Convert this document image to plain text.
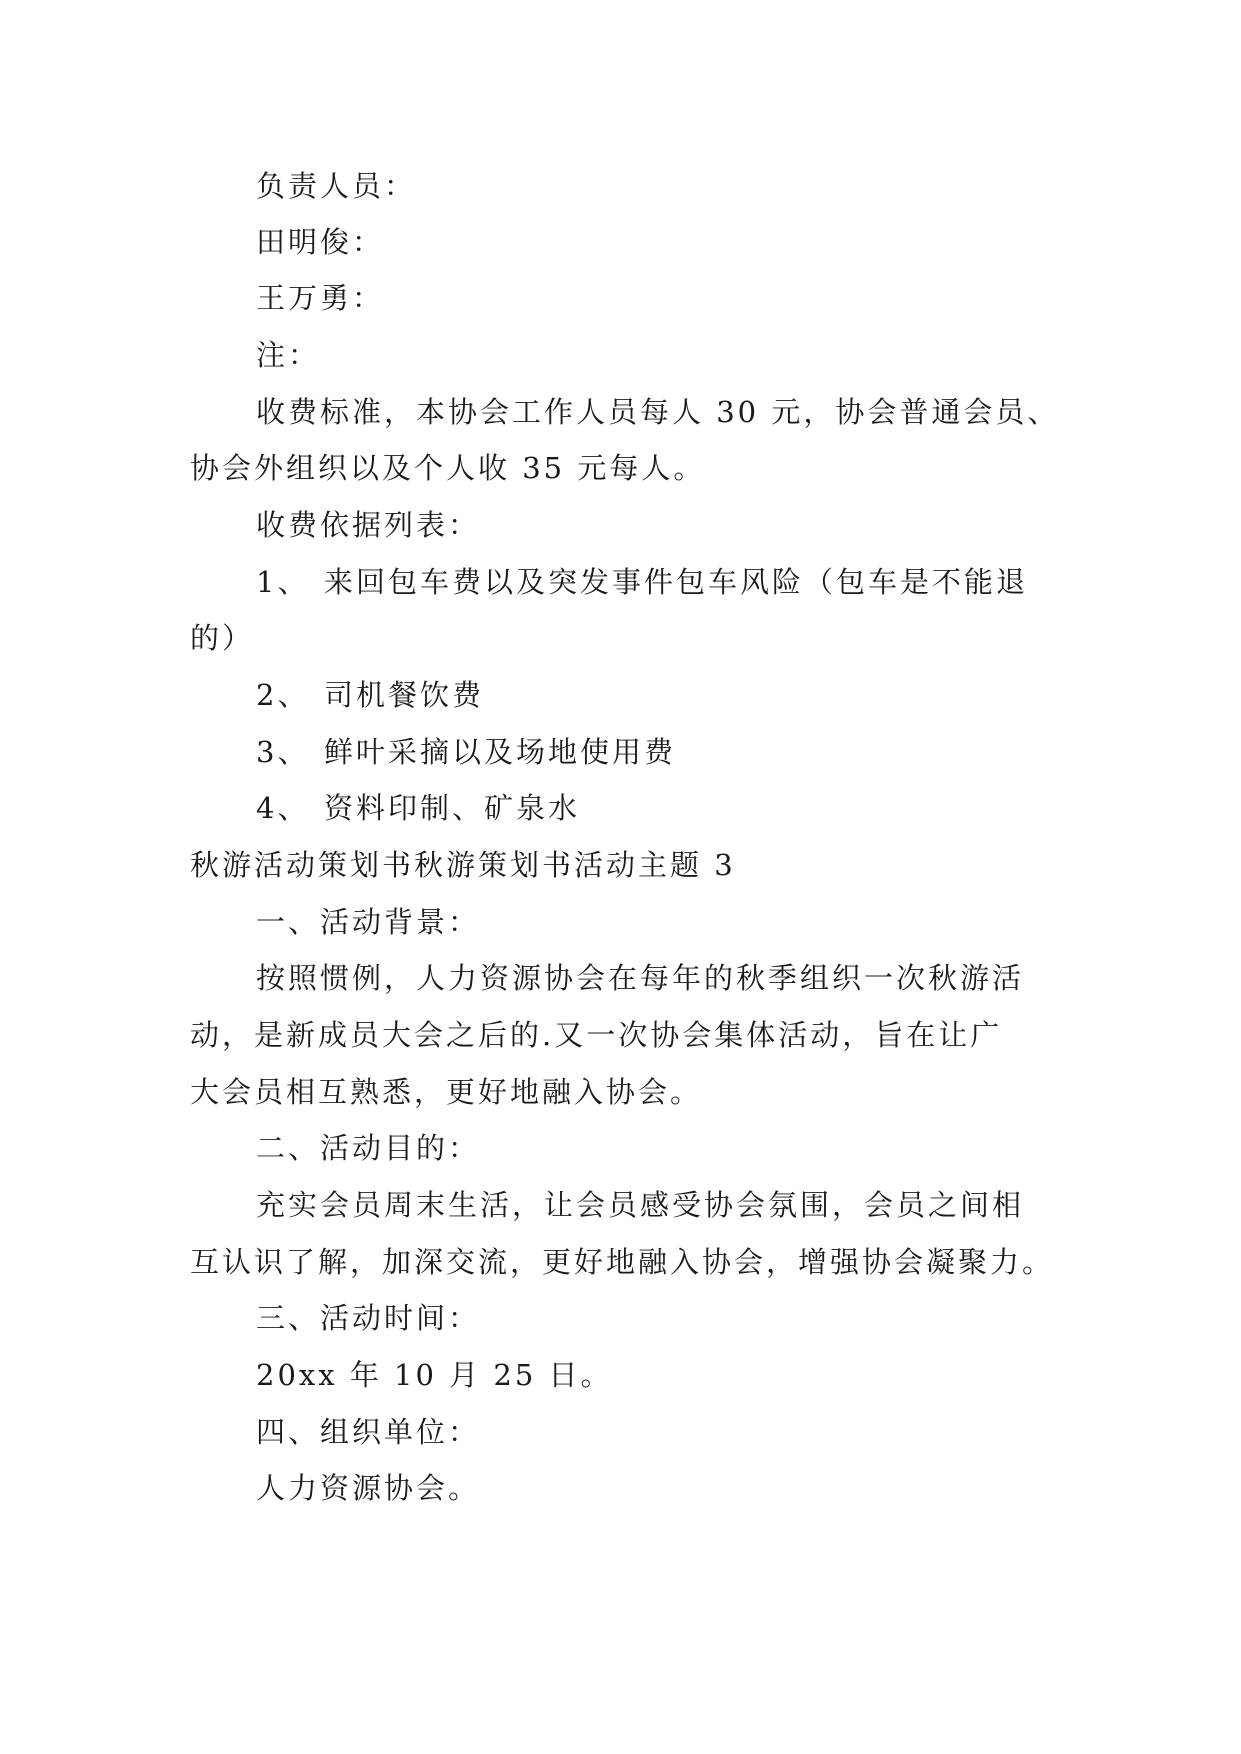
负责人员：
田明俊：
王万勇：
注：
收费标准，本协会工作人员每人 30 元，协会普通会员、
协会外组织以及个人收 35 元每人。
收费依据列表：
1、 来回包车费以及突发事件包车风险（包车是不能退
的）
2、 司机餐饮费
3、 鲜叶采摘以及场地使用费
4、 资料印制、矿泉水
秋游活动策划书秋游策划书活动主题 3
一、活动背景：
按照惯例，人力资源协会在每年的秋季组织一次秋游活
动，是新成员大会之后的.又一次协会集体活动，旨在让广
大会员相互熟悉，更好地融入协会。
二、活动目的：
充实会员周末生活，让会员感受协会氛围，会员之间相
互认识了解，加深交流，更好地融入协会，增强协会凝聚力。
三、活动时间：
20xx 年 10 月 25 日。
四、组织单位：
人力资源协会。
